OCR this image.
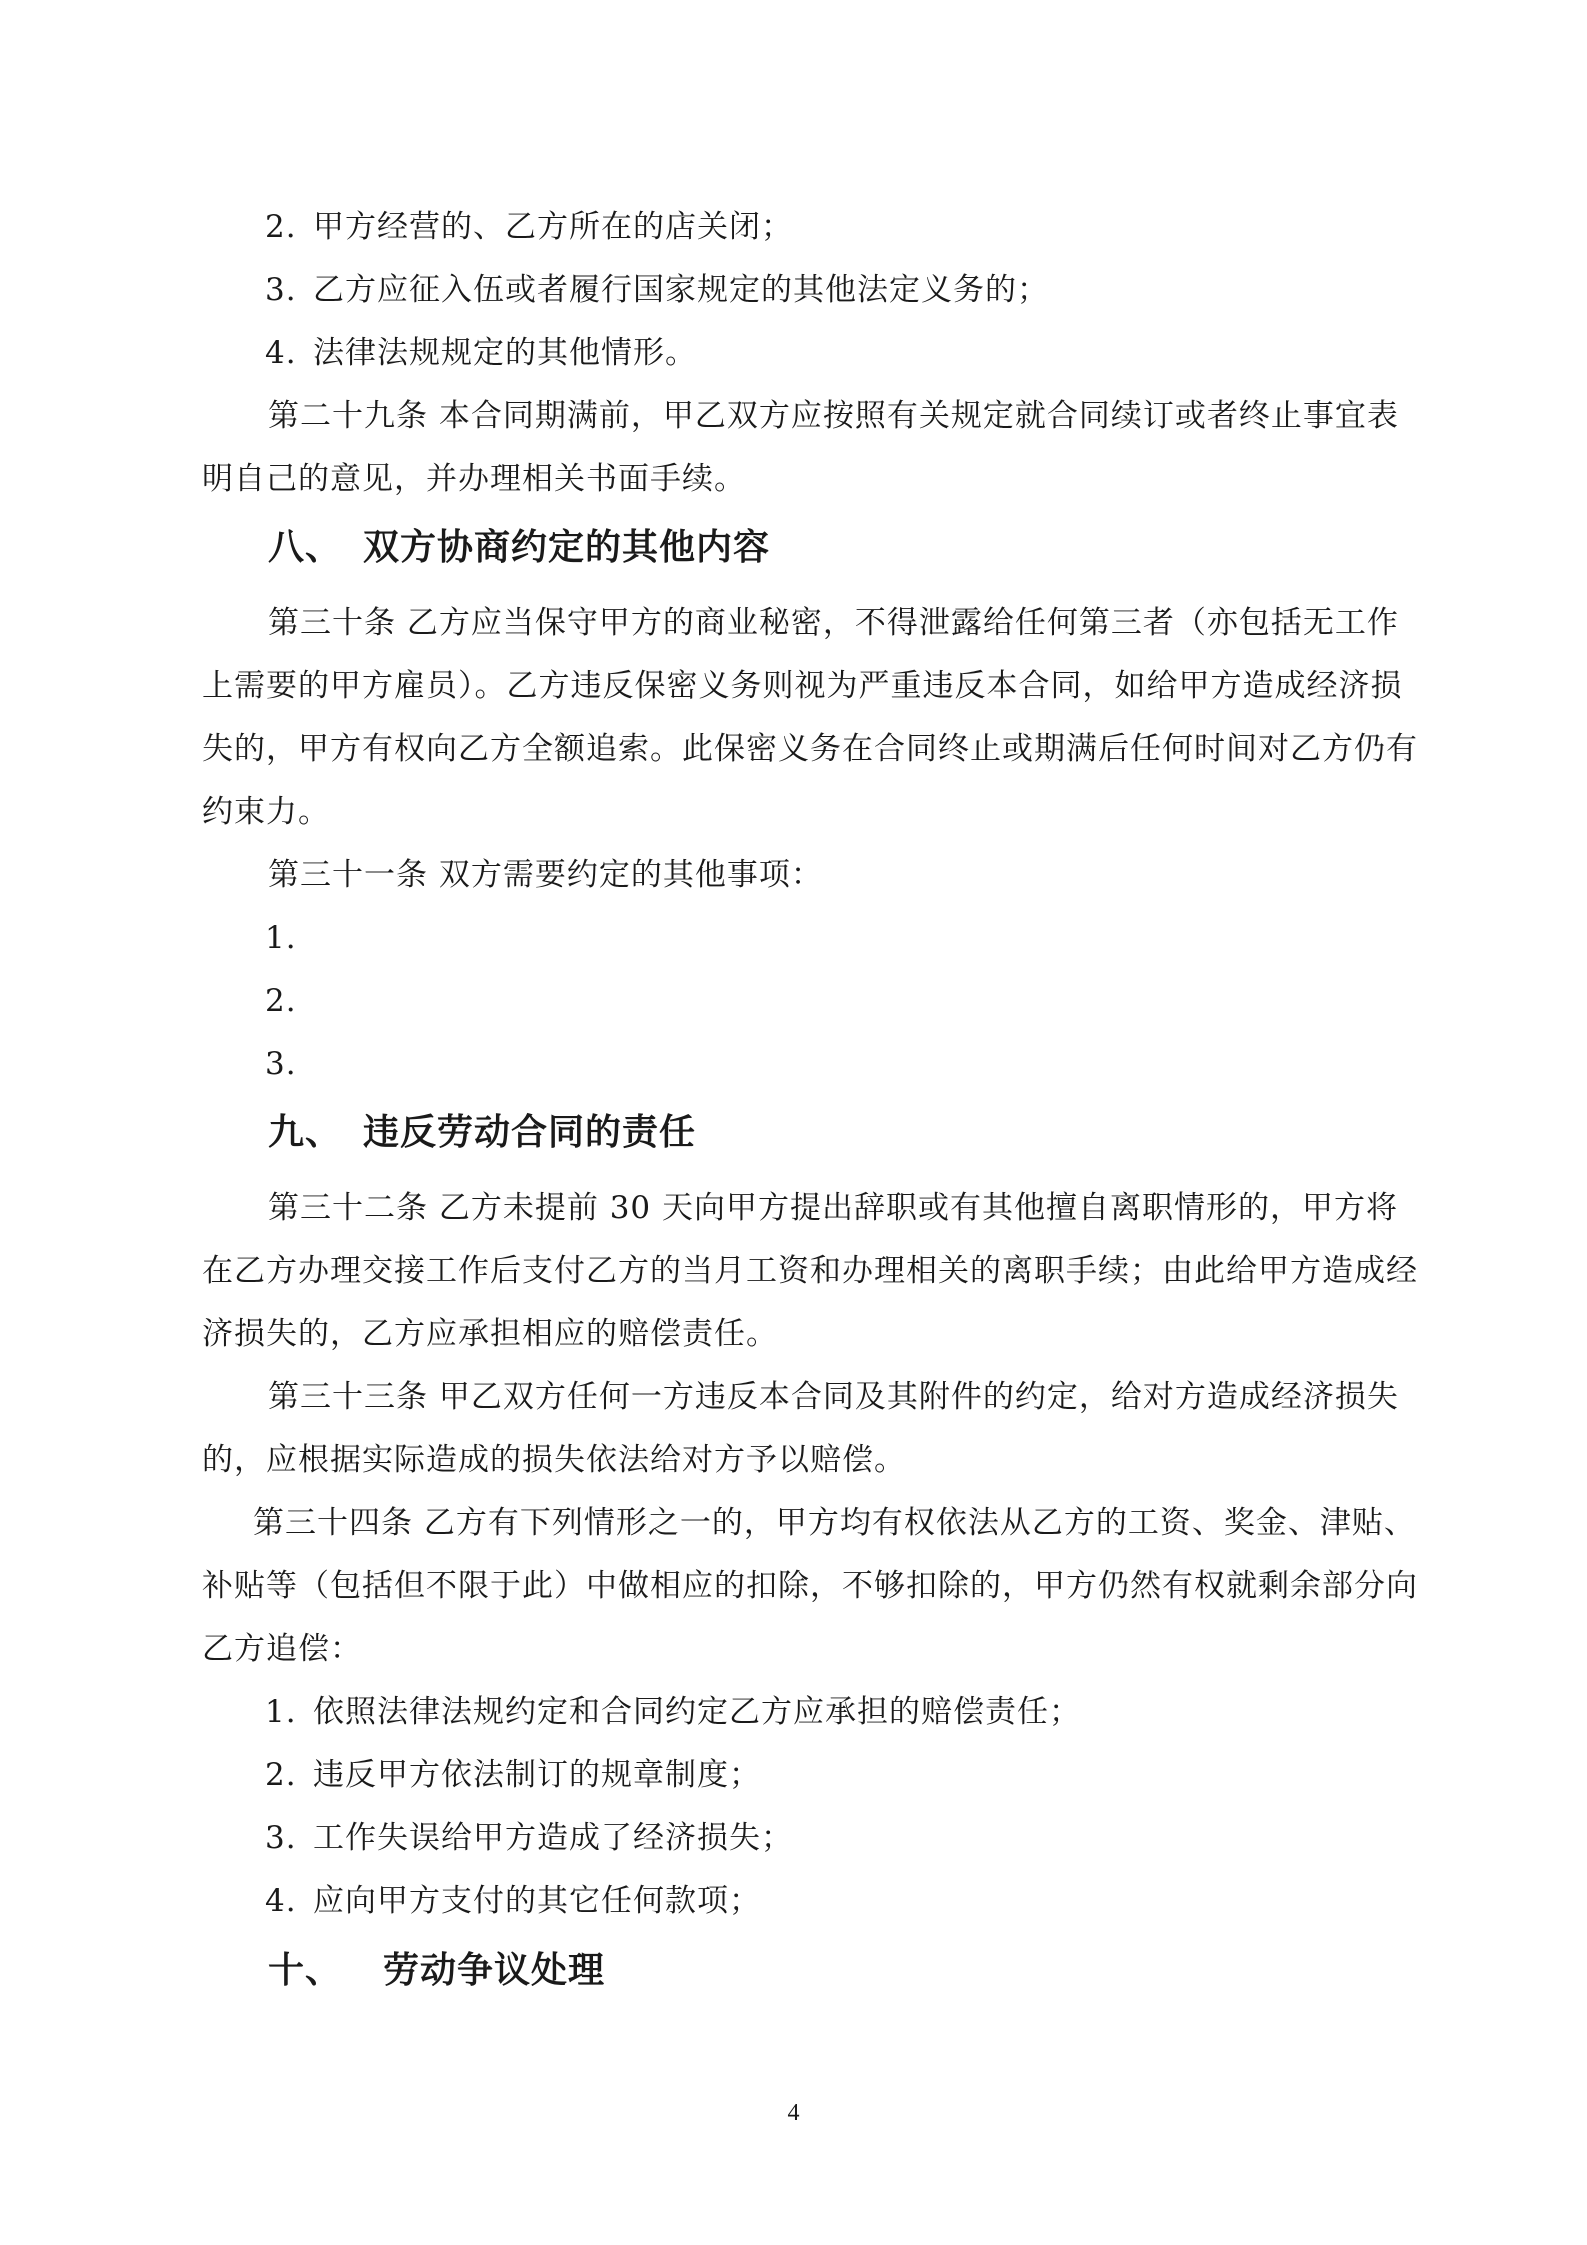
2. 甲方经营的、乙方所在的店关闭；
3. 乙方应征入伍或者履行国家规定的其他法定义务的；
4. 法律法规规定的其他情形。
第二十九条 本合同期满前，甲乙双方应按照有关规定就合同续订或者终止事宜表
明自己的意见，并办理相关书面手续。
八、 双方协商约定的其他内容
第三十条 乙方应当保守甲方的商业秘密，不得泄露给任何第三者（亦包括无工作
上需要的甲方雇员）。乙方违反保密义务则视为严重违反本合同，如给甲方造成经济损
失的，甲方有权向乙方全额追索。此保密义务在合同终止或期满后任何时间对乙方仍有
约束力。
第三十一条 双方需要约定的其他事项：
1.
2.
3.
九、 违反劳动合同的责任
第三十二条 乙方未提前 30 天向甲方提出辞职或有其他擅自离职情形的，甲方将
在乙方办理交接工作后支付乙方的当月工资和办理相关的离职手续；由此给甲方造成经
济损失的，乙方应承担相应的赔偿责任。
第三十三条 甲乙双方任何一方违反本合同及其附件的约定，给对方造成经济损失
的，应根据实际造成的损失依法给对方予以赔偿。
第三十四条 乙方有下列情形之一的，甲方均有权依法从乙方的工资、奖金、津贴、
补贴等（包括但不限于此）中做相应的扣除，不够扣除的，甲方仍然有权就剩余部分向
乙方追偿：
1. 依照法律法规约定和合同约定乙方应承担的赔偿责任；
2. 违反甲方依法制订的规章制度；
3. 工作失误给甲方造成了经济损失；
4. 应向甲方支付的其它任何款项；
十、 劳动争议处理
4
